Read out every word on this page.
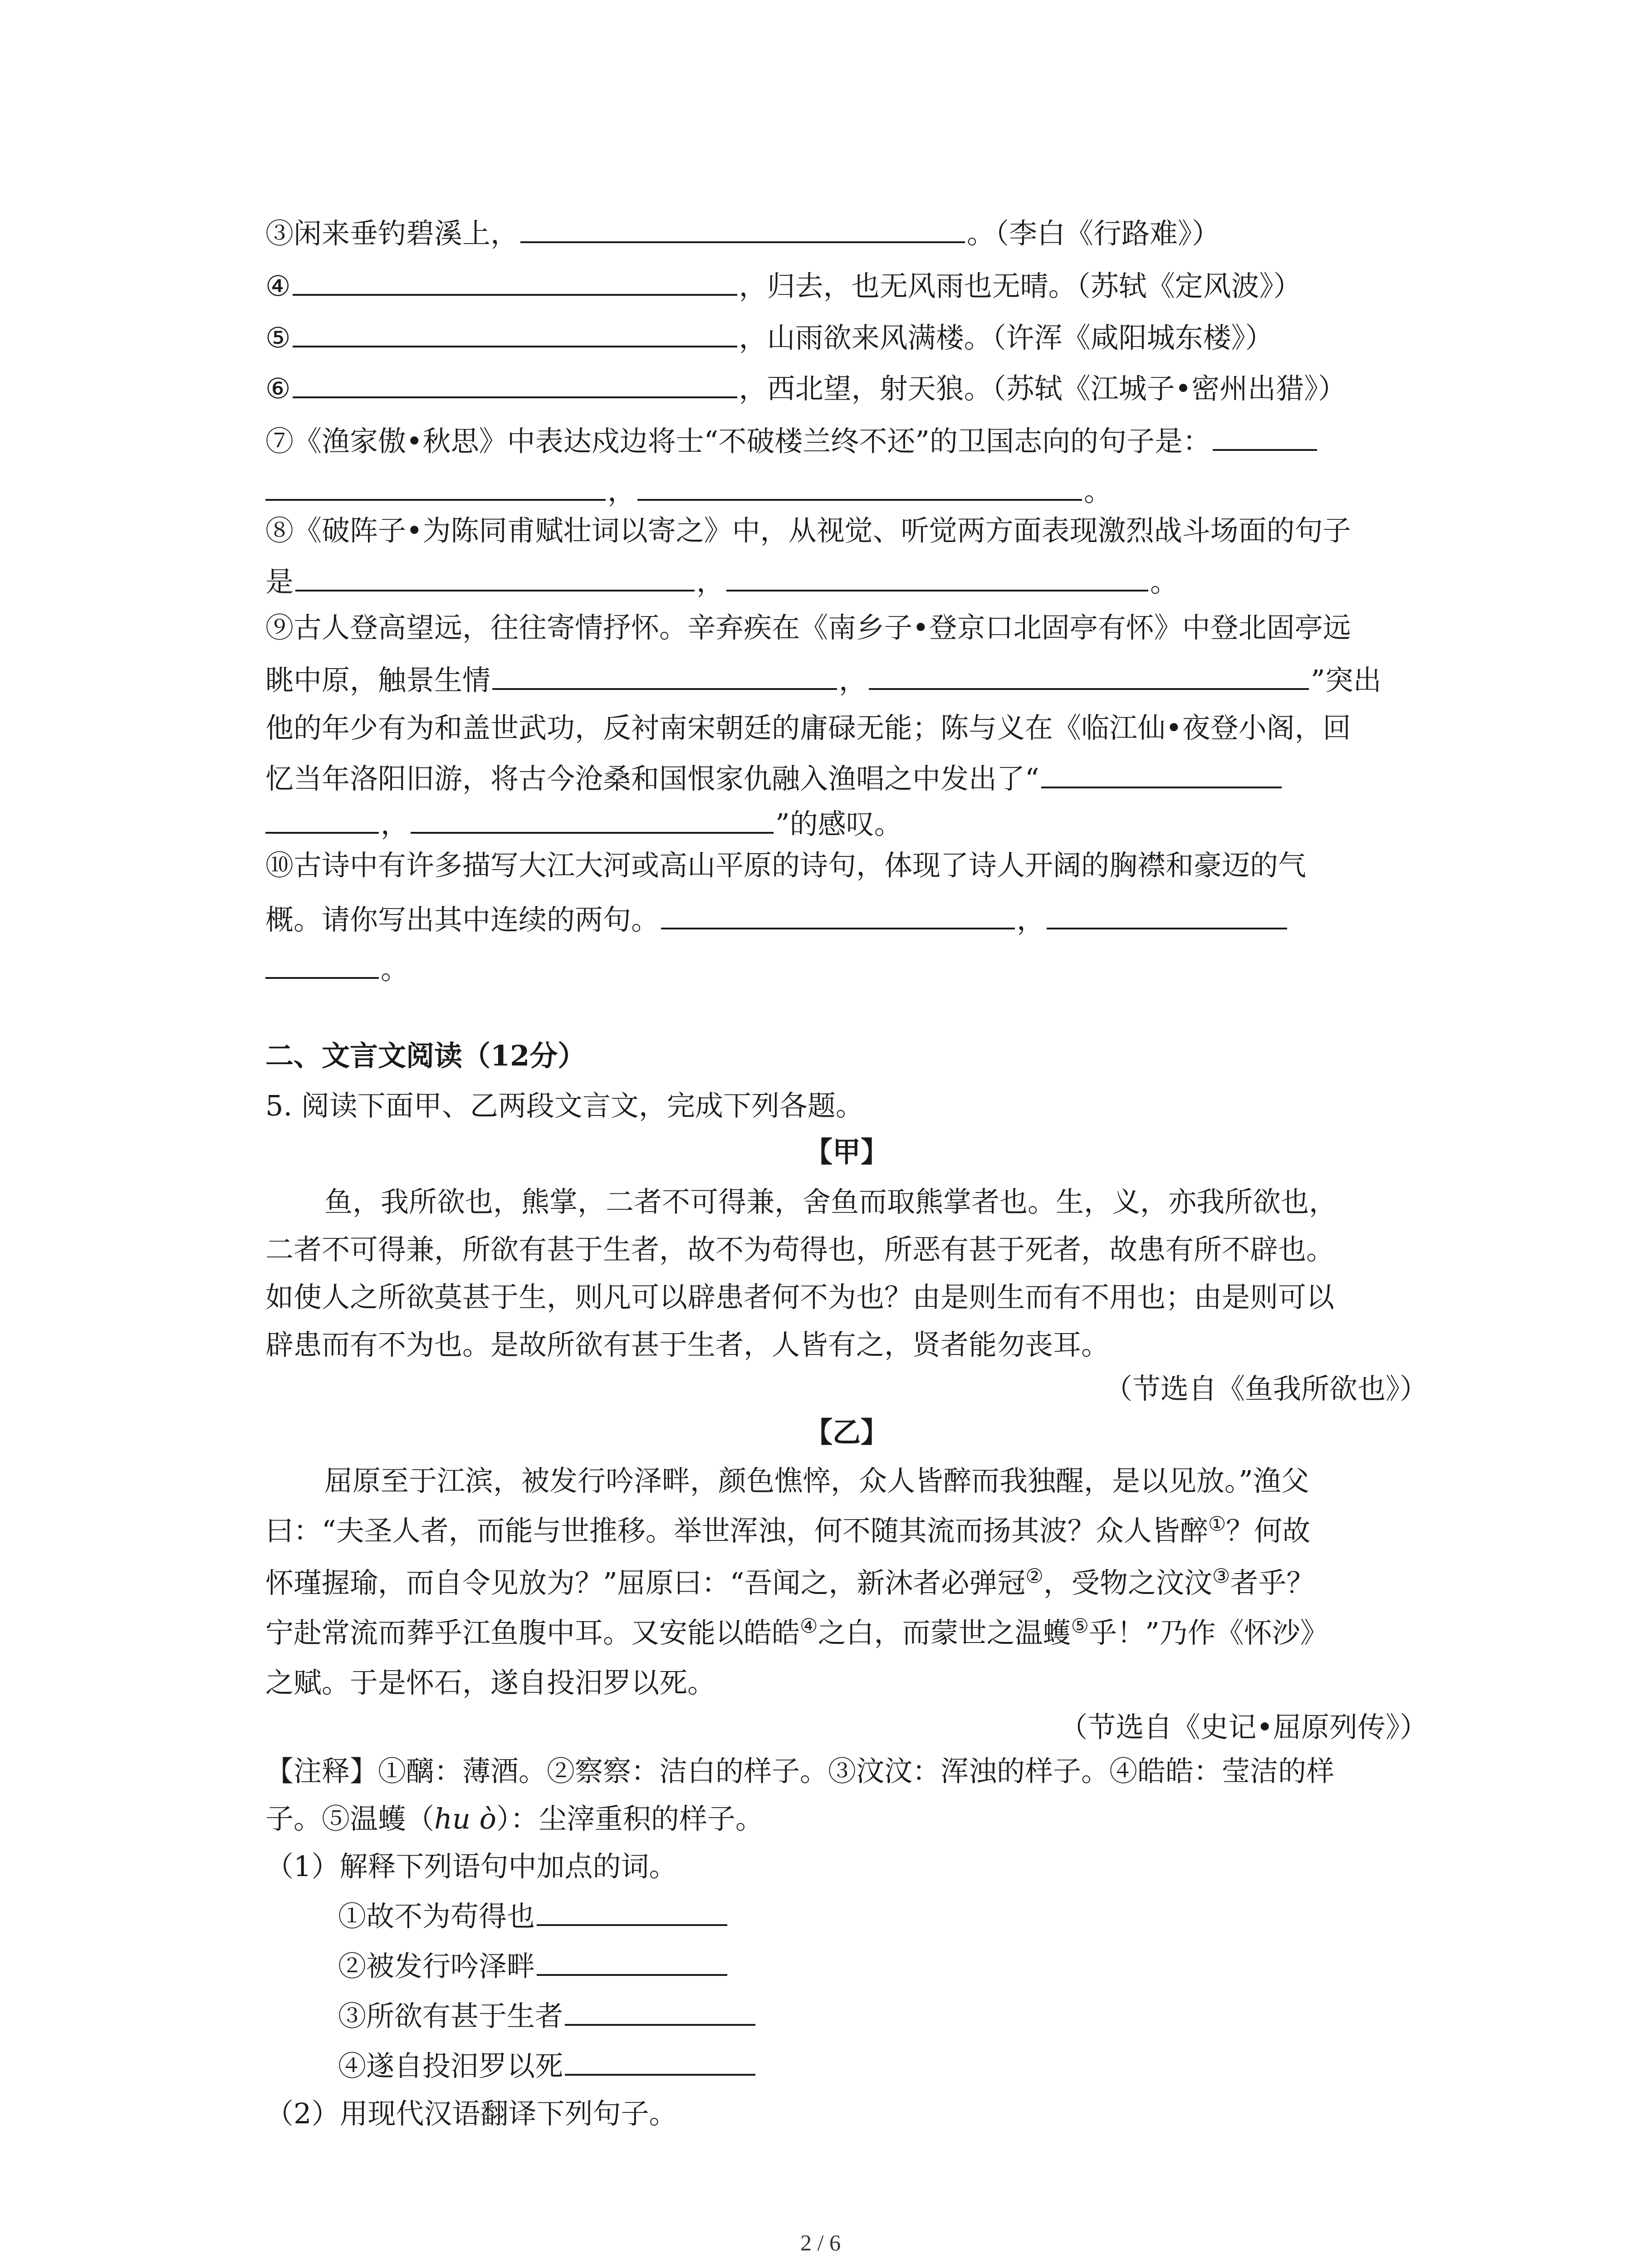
③闲来垂钓碧溪上，	。（李白《行路难》）
④	，归去，也无风雨也无晴。（苏轼《定风波》）
⑤	，山雨欲来风满楼。（许浑《咸阳城东楼》）
⑥	，西北望，射天狼。（苏轼《江城子•密州出猎》）
⑦《渔家傲•秋思》中表达戍边将士“不破楼兰终不还”的卫国志向的句子是：
，	。
⑧《破阵子•为陈同甫赋壮词以寄之》中，从视觉、听觉两方面表现激烈战斗场面的句子
是	，	。
⑨古人登高望远，往往寄情抒怀。辛弃疾在《南乡子•登京口北固亭有怀》中登北固亭远
眺中原，触景生情	，	”突出
他的年少有为和盖世武功，反衬南宋朝廷的庸碌无能；陈与义在《临江仙•夜登小阁，回
忆当年洛阳旧游，将古今沧桑和国恨家仇融入渔唱之中发出了“
，	”的感叹。
⑩古诗中有许多描写大江大河或高山平原的诗句，体现了诗人开阔的胸襟和豪迈的气
概。请你写出其中连续的两句。	，
。
二、文言文阅读（12分）
5. 阅读下面甲、乙两段文言文，完成下列各题。
【甲】
鱼，我所欲也，熊掌，二者不可得兼，舍鱼而取熊掌者也。生，义，亦我所欲也，
二者不可得兼，所欲有甚于生者，故不为苟得也，所恶有甚于死者，故患有所不辟也。
如使人之所欲莫甚于生，则凡可以辟患者何不为也？由是则生而有不用也；由是则可以
辟患而有不为也。是故所欲有甚于生者，人皆有之，贤者能勿丧耳。
（节选自《鱼我所欲也》）
【乙】
屈原至于江滨，被发行吟泽畔，颜色憔悴，众人皆醉而我独醒，是以见放。”渔父
曰：“夫圣人者，而能与世推移。举世浑浊，何不随其流而扬其波？众人皆醉①？何故
怀瑾握瑜，而自令见放为？”屈原曰：“吾闻之，新沐者必弹冠②，受物之汶汶③者乎？
宁赴常流而葬乎江鱼腹中耳。又安能以皓皓④之白，而蒙世之温蠖⑤乎！”乃作《怀沙》
之赋。于是怀石，遂自投汨罗以死。
（节选自《史记•屈原列传》）
【注释】①醨：薄酒。②察察：洁白的样子。③汶汶：浑浊的样子。④皓皓：莹洁的样
子。⑤温蠖（hu ò）：尘滓重积的样子。
（1）解释下列语句中加点的词。
①故不为苟得也
②被发行吟泽畔
③所欲有甚于生者
④遂自投汨罗以死
（2）用现代汉语翻译下列句子。
2 / 6
